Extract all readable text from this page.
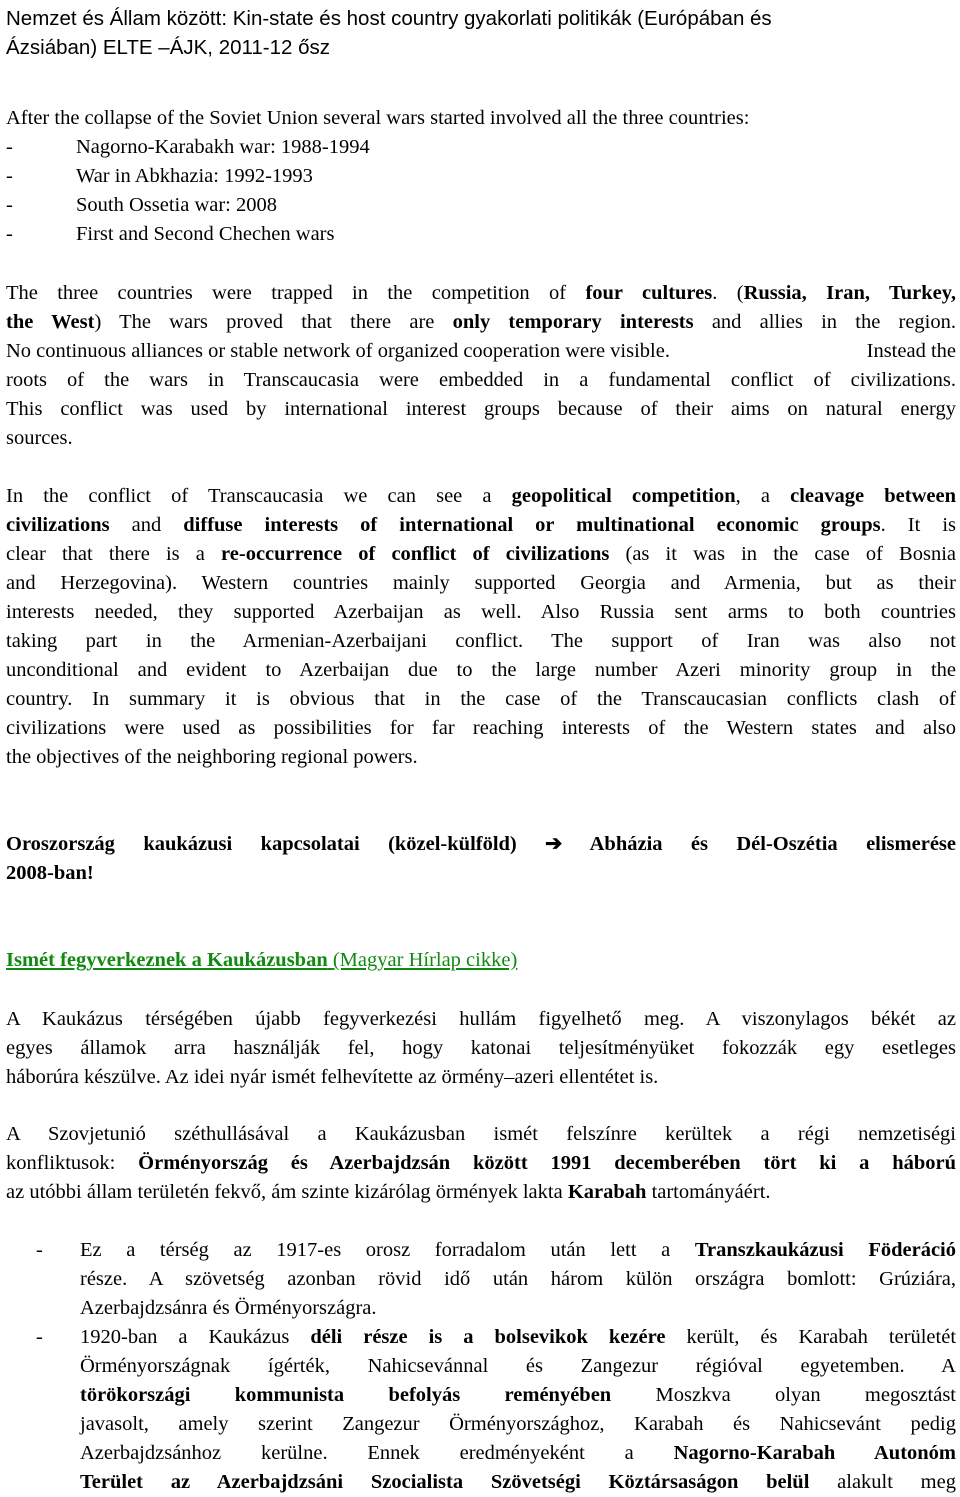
Nemzet és Állam között: Kin-state és host country gyakorlati politikák (Európában és
Ázsiában) ELTE –ÁJK, 2011-12 ősz
After the collapse of the Soviet Union several wars started involved all the three countries:
-	Nagorno-Karabakh war: 1988-1994
-	War in Abkhazia: 1992-1993
-	South Ossetia war: 2008
-	First and Second Chechen wars
The three countries were trapped in the competition of four cultures. (Russia, Iran, Turkey,
the West) The wars proved that there are only temporary interests and allies in the region.
No continuous alliances or stable network of organized cooperation were visible.	Instead the
roots of the wars in Transcaucasia were embedded in a fundamental conflict of civilizations.
This conflict was used by international interest groups because of their aims on natural energy
sources.
In the conflict of Transcaucasia we can see a geopolitical competition, a cleavage between
civilizations and diffuse interests of international or multinational economic groups. It is
clear that there is a re-occurrence of conflict of civilizations (as it was in the case of Bosnia
and Herzegovina). Western countries mainly supported Georgia and Armenia, but as their
interests needed, they supported Azerbaijan as well. Also Russia sent arms to both countries
taking part in the Armenian-Azerbaijani conflict. The support of Iran was also not
unconditional and evident to Azerbaijan due to the large number Azeri minority group in the
country. In summary it is obvious that in the case of the Transcaucasian conflicts clash of
civilizations were used as possibilities for far reaching interests of the Western states and also
the objectives of the neighboring regional powers.
Oroszország kaukázusi kapcsolatai (közel-külföld) ➔ Abházia és Dél-Oszétia elismerése
2008-ban!
Ismét fegyverkeznek a Kaukázusban (Magyar Hírlap cikke)
A Kaukázus térségében újabb fegyverkezési hullám figyelhető meg. A viszonylagos békét az
egyes államok arra használják fel, hogy katonai teljesítményüket fokozzák egy esetleges
háborúra készülve. Az idei nyár ismét felhevítette az örmény–azeri ellentétet is.
A Szovjetunió széthullásával a Kaukázusban ismét felszínre kerültek a régi nemzetiségi
konfliktusok: Örményország és Azerbajdzsán között 1991 decemberében tört ki a háború
az utóbbi állam területén fekvő, ám szinte kizárólag örmények lakta Karabah tartományáért.
- Ez a térség az 1917-es orosz forradalom után lett a Transzkaukázusi Föderáció
része. A szövetség azonban rövid idő után három külön országra bomlott: Grúziára,
Azerbajdzsánra és Örményországra.
- 1920-ban a Kaukázus déli része is a bolsevikok kezére került, és Karabah területét
Örményországnak ígérték, Nahicsevánnal és Zangezur régióval egyetemben. A
törökországi kommunista befolyás reményében Moszkva olyan megosztást
javasolt, amely szerint Zangezur Örményországhoz, Karabah és Nahicsevánt pedig
Azerbajdzsánhoz kerülne. Ennek eredményeként a Nagorno-Karabah Autonóm
Terület az Azerbajdzsáni Szocialista Szövetségi Köztársaságon belül alakult meg
